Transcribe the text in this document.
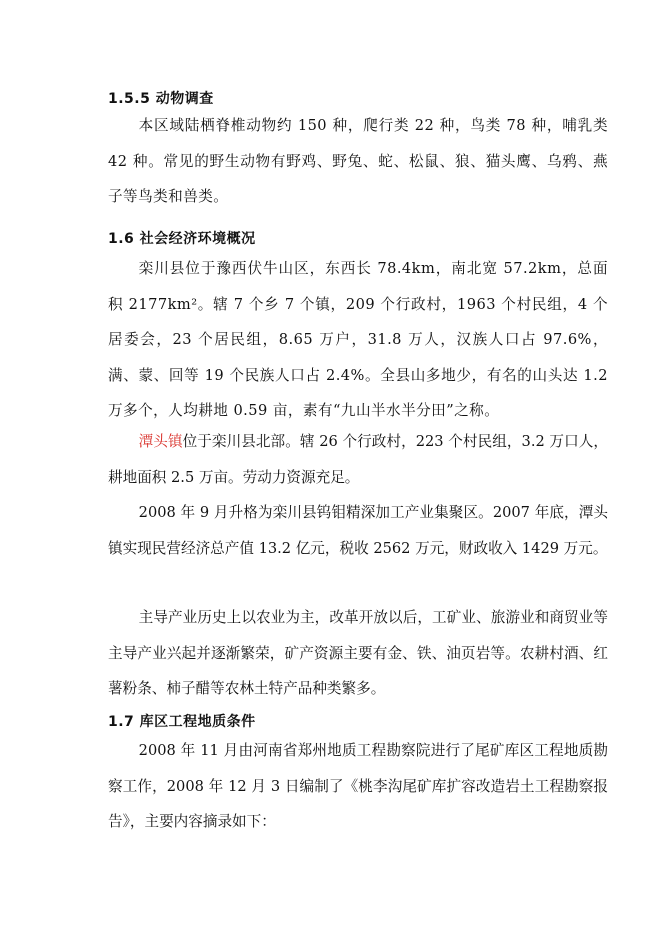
1.5.5 动物调查

本区域陆栖脊椎动物约 150 种，爬行类 22 种，鸟类 78 种，哺乳类 42 种。常见的野生动物有野鸡、野兔、蛇、松鼠、狼、猫头鹰、乌鸦、燕子等鸟类和兽类。

1.6 社会经济环境概况

栾川县位于豫西伏牛山区，东西长 78.4km，南北宽 57.2km，总面积 2177km²。辖 7 个乡 7 个镇，209 个行政村，1963 个村民组，4 个居委会，23 个居民组，8.65 万户，31.8 万人，汉族人口占 97.6%，满、蒙、回等 19 个民族人口占 2.4%。全县山多地少，有名的山头达 1.2 万多个，人均耕地 0.59 亩，素有“九山半水半分田”之称。

潭头镇位于栾川县北部。辖 26 个行政村，223 个村民组，3.2 万口人，耕地面积 2.5 万亩。劳动力资源充足。

2008 年 9 月升格为栾川县钨钼精深加工产业集聚区。2007 年底，潭头镇实现民营经济总产值 13.2 亿元，税收 2562 万元，财政收入 1429 万元。

主导产业历史上以农业为主，改革开放以后，工矿业、旅游业和商贸业等主导产业兴起并逐渐繁荣，矿产资源主要有金、铁、油页岩等。农耕村酒、红薯粉条、柿子醋等农林土特产品种类繁多。

1.7 库区工程地质条件

2008 年 11 月由河南省郑州地质工程勘察院进行了尾矿库区工程地质勘察工作，2008 年 12 月 3 日编制了《桃李沟尾矿库扩容改造岩土工程勘察报告》，主要内容摘录如下：
